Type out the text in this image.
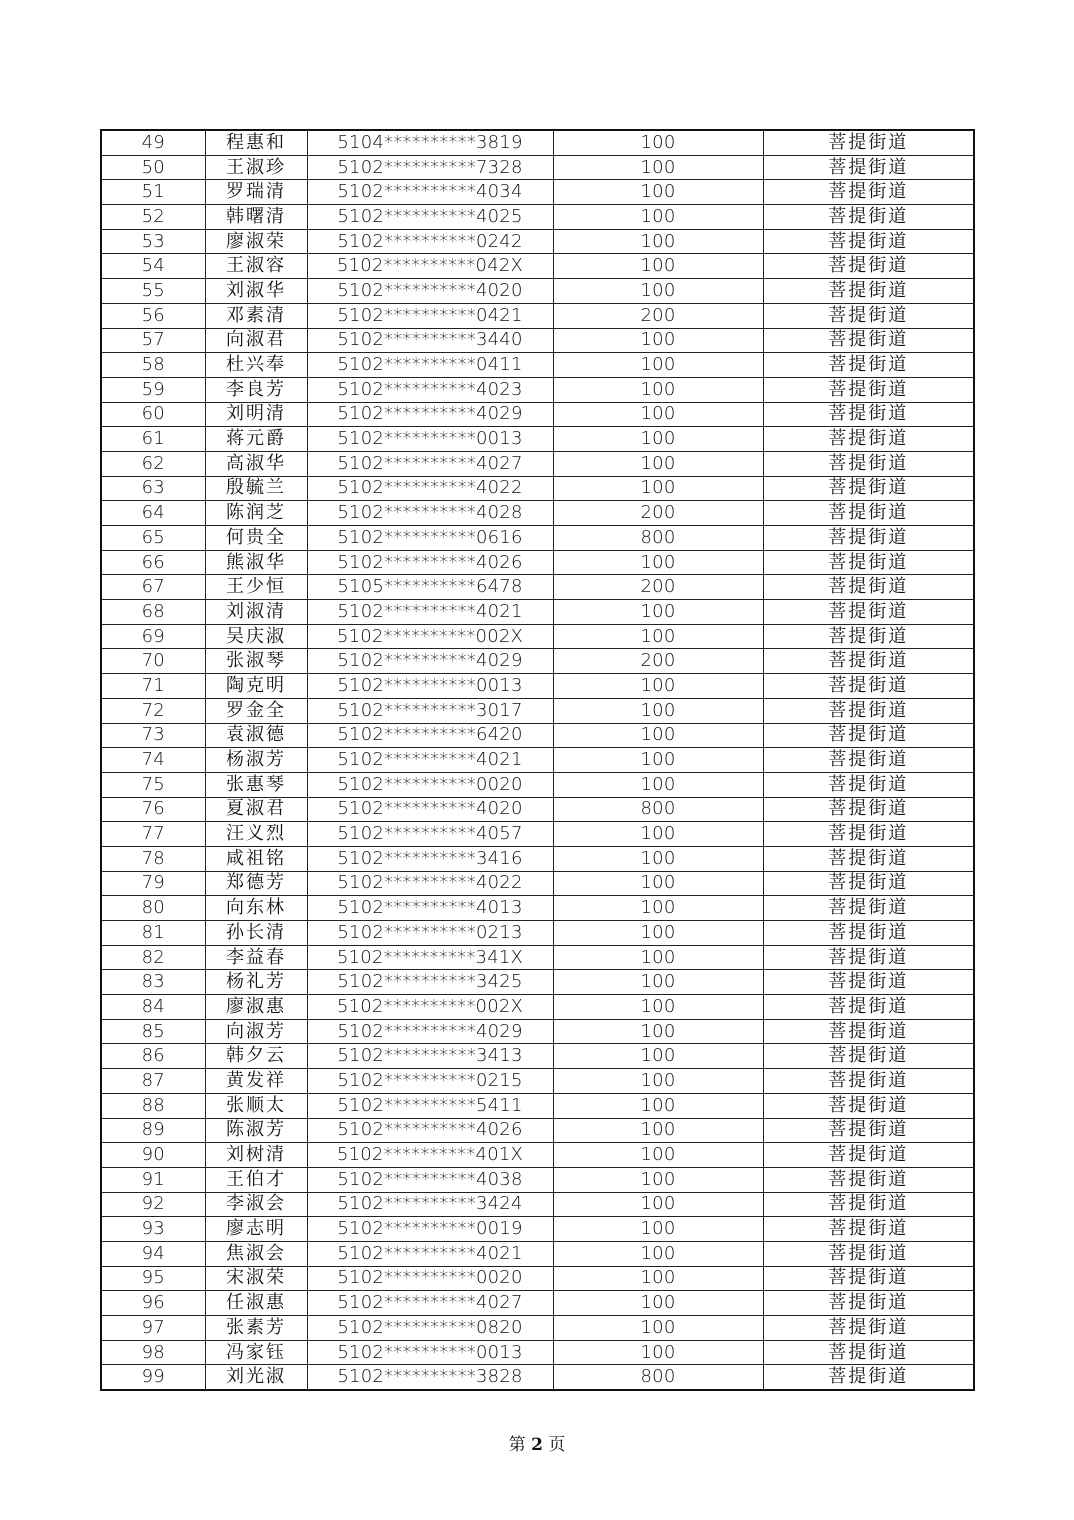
49	程惠和	5104**********3819	100	菩提街道
50	王淑珍	5102**********7328	100	菩提街道
51	罗瑞清	5102**********4034	100	菩提街道
52	韩曙清	5102**********4025	100	菩提街道
53	廖淑荣	5102**********0242	100	菩提街道
54	王淑容	5102**********042X	100	菩提街道
55	刘淑华	5102**********4020	100	菩提街道
56	邓素清	5102**********0421	200	菩提街道
57	向淑君	5102**********3440	100	菩提街道
58	杜兴奉	5102**********0411	100	菩提街道
59	李良芳	5102**********4023	100	菩提街道
60	刘明清	5102**********4029	100	菩提街道
61	蒋元爵	5102**********0013	100	菩提街道
62	高淑华	5102**********4027	100	菩提街道
63	殷毓兰	5102**********4022	100	菩提街道
64	陈润芝	5102**********4028	200	菩提街道
65	何贵全	5102**********0616	800	菩提街道
66	熊淑华	5102**********4026	100	菩提街道
67	王少恒	5105**********6478	200	菩提街道
68	刘淑清	5102**********4021	100	菩提街道
69	吴庆淑	5102**********002X	100	菩提街道
70	张淑琴	5102**********4029	200	菩提街道
71	陶克明	5102**********0013	100	菩提街道
72	罗金全	5102**********3017	100	菩提街道
73	袁淑德	5102**********6420	100	菩提街道
74	杨淑芳	5102**********4021	100	菩提街道
75	张惠琴	5102**********0020	100	菩提街道
76	夏淑君	5102**********4020	800	菩提街道
77	汪义烈	5102**********4057	100	菩提街道
78	咸祖铭	5102**********3416	100	菩提街道
79	郑德芳	5102**********4022	100	菩提街道
80	向东林	5102**********4013	100	菩提街道
81	孙长清	5102**********0213	100	菩提街道
82	李益春	5102**********341X	100	菩提街道
83	杨礼芳	5102**********3425	100	菩提街道
84	廖淑惠	5102**********002X	100	菩提街道
85	向淑芳	5102**********4029	100	菩提街道
86	韩夕云	5102**********3413	100	菩提街道
87	黄发祥	5102**********0215	100	菩提街道
88	张顺太	5102**********5411	100	菩提街道
89	陈淑芳	5102**********4026	100	菩提街道
90	刘树清	5102**********401X	100	菩提街道
91	王伯才	5102**********4038	100	菩提街道
92	李淑会	5102**********3424	100	菩提街道
93	廖志明	5102**********0019	100	菩提街道
94	焦淑会	5102**********4021	100	菩提街道
95	宋淑荣	5102**********0020	100	菩提街道
96	任淑惠	5102**********4027	100	菩提街道
97	张素芳	5102**********0820	100	菩提街道
98	冯家钰	5102**********0013	100	菩提街道
99	刘光淑	5102**********3828	800	菩提街道
第 2 页
